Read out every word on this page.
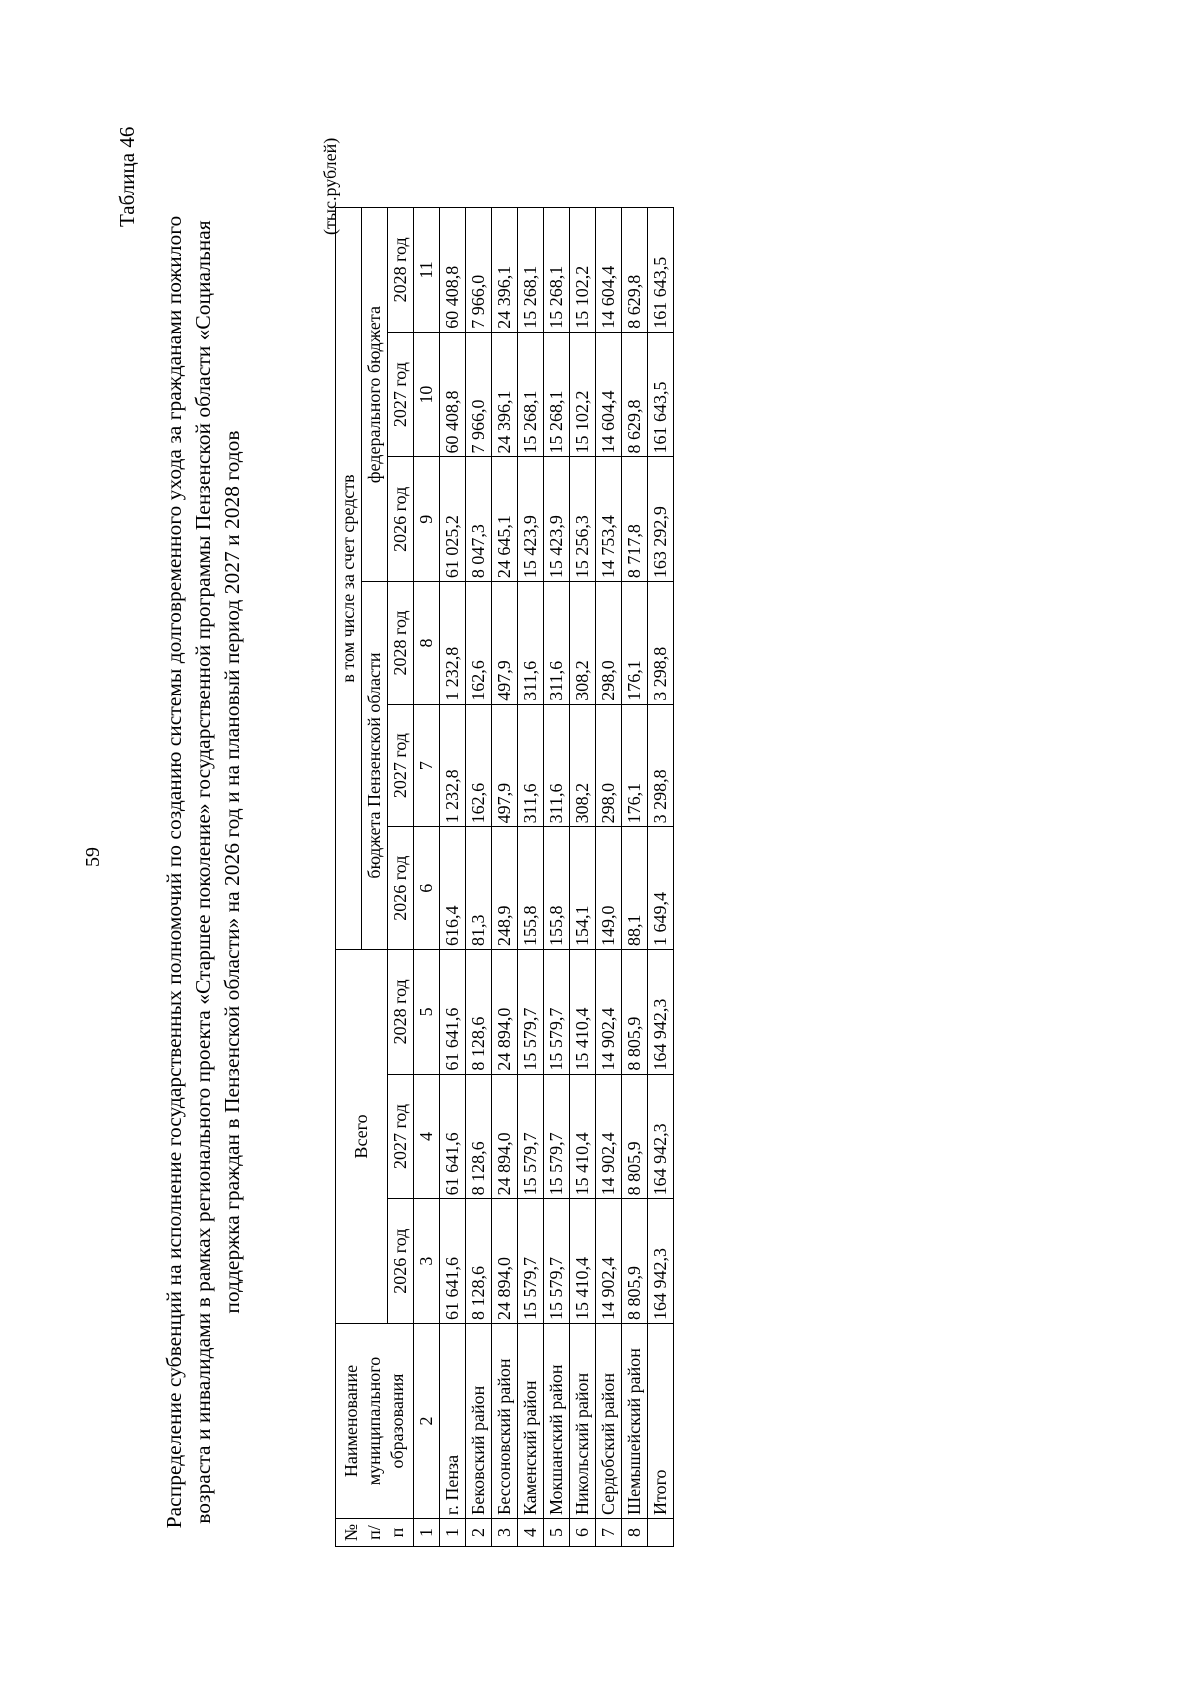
59
Таблица 46
Распределение субвенций на исполнение государственных полномочий по созданию системы долговременного ухода за гражданами пожилого возраста и инвалидами в рамках регионального проекта «Старшее поколение» государственной программы Пензенской области «Социальная поддержка граждан в Пензенской области» на 2026 год и на плановый период 2027 и 2028 годов
(тыс.рублей)
№ п/п	Наименование муниципального образования	Всего			в том числе за счет средств					
					бюджета Пензенской области			федерального бюджета		
		2026 год	2027 год	2028 год	2026 год	2027 год	2028 год	2026 год	2027 год	2028 год
1	2	3	4	5	6	7	8	9	10	11
1	г. Пенза	61 641,6	61 641,6	61 641,6	616,4	1 232,8	1 232,8	61 025,2	60 408,8	60 408,8
2	Бековский район	8 128,6	8 128,6	8 128,6	81,3	162,6	162,6	8 047,3	7 966,0	7 966,0
3	Бессоновский район	24 894,0	24 894,0	24 894,0	248,9	497,9	497,9	24 645,1	24 396,1	24 396,1
4	Каменский район	15 579,7	15 579,7	15 579,7	155,8	311,6	311,6	15 423,9	15 268,1	15 268,1
5	Мокшанский район	15 579,7	15 579,7	15 579,7	155,8	311,6	311,6	15 423,9	15 268,1	15 268,1
6	Никольский район	15 410,4	15 410,4	15 410,4	154,1	308,2	308,2	15 256,3	15 102,2	15 102,2
7	Сердобский район	14 902,4	14 902,4	14 902,4	149,0	298,0	298,0	14 753,4	14 604,4	14 604,4
8	Шемышейский район	8 805,9	8 805,9	8 805,9	88,1	176,1	176,1	8 717,8	8 629,8	8 629,8
	Итого	164 942,3	164 942,3	164 942,3	1 649,4	3 298,8	3 298,8	163 292,9	161 643,5	161 643,5
